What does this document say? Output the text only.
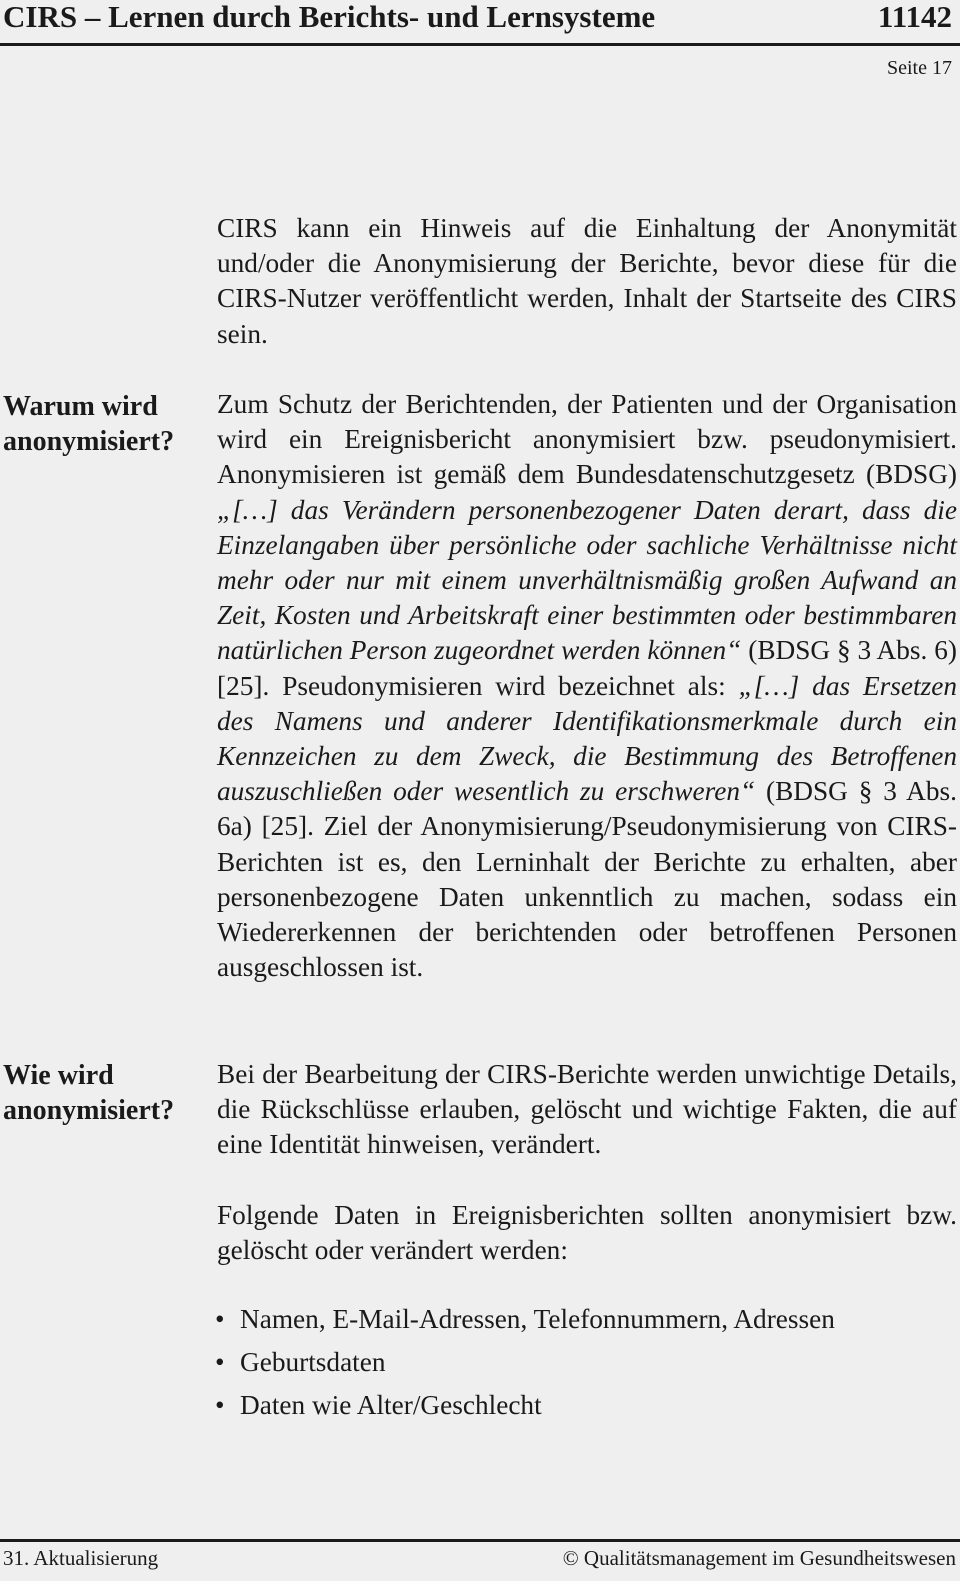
CIRS – Lernen durch Berichts- und Lernsysteme	11142
Seite 17

CIRS kann ein Hinweis auf die Einhaltung der Anonymität und/oder die Anonymisierung der Berichte, bevor diese für die CIRS-Nutzer veröffentlicht werden, Inhalt der Startseite des CIRS sein.

Warum wird anonymisiert?

Zum Schutz der Berichtenden, der Patienten und der Organisation wird ein Ereignisbericht anonymisiert bzw. pseudonymisiert. Anonymisieren ist gemäß dem Bundesdatenschutzgesetz (BDSG) „[…] das Verändern personenbezogener Daten derart, dass die Einzelangaben über persönliche oder sachliche Verhältnisse nicht mehr oder nur mit einem unverhältnismäßig großen Aufwand an Zeit, Kosten und Arbeitskraft einer bestimmten oder bestimmbaren natürlichen Person zugeordnet werden können“ (BDSG § 3 Abs. 6) [25]. Pseudonymisieren wird bezeichnet als: „[…] das Ersetzen des Namens und anderer Identifikationsmerkmale durch ein Kennzeichen zu dem Zweck, die Bestimmung des Betroffenen auszuschließen oder wesentlich zu erschweren“ (BDSG § 3 Abs. 6a) [25]. Ziel der Anonymisierung/Pseudonymisierung von CIRS-Berichten ist es, den Lerninhalt der Berichte zu erhalten, aber personenbezogene Daten unkenntlich zu machen, sodass ein Wiedererkennen der berichtenden oder betroffenen Personen ausgeschlossen ist.

Wie wird anonymisiert?

Bei der Bearbeitung der CIRS-Berichte werden unwichtige Details, die Rückschlüsse erlauben, gelöscht und wichtige Fakten, die auf eine Identität hinweisen, verändert.

Folgende Daten in Ereignisberichten sollten anonymisiert bzw. gelöscht oder verändert werden:

• Namen, E-Mail-Adressen, Telefonnummern, Adressen
• Geburtsdaten
• Daten wie Alter/Geschlecht
31. Aktualisierung	© Qualitätsmanagement im Gesundheitswesen
